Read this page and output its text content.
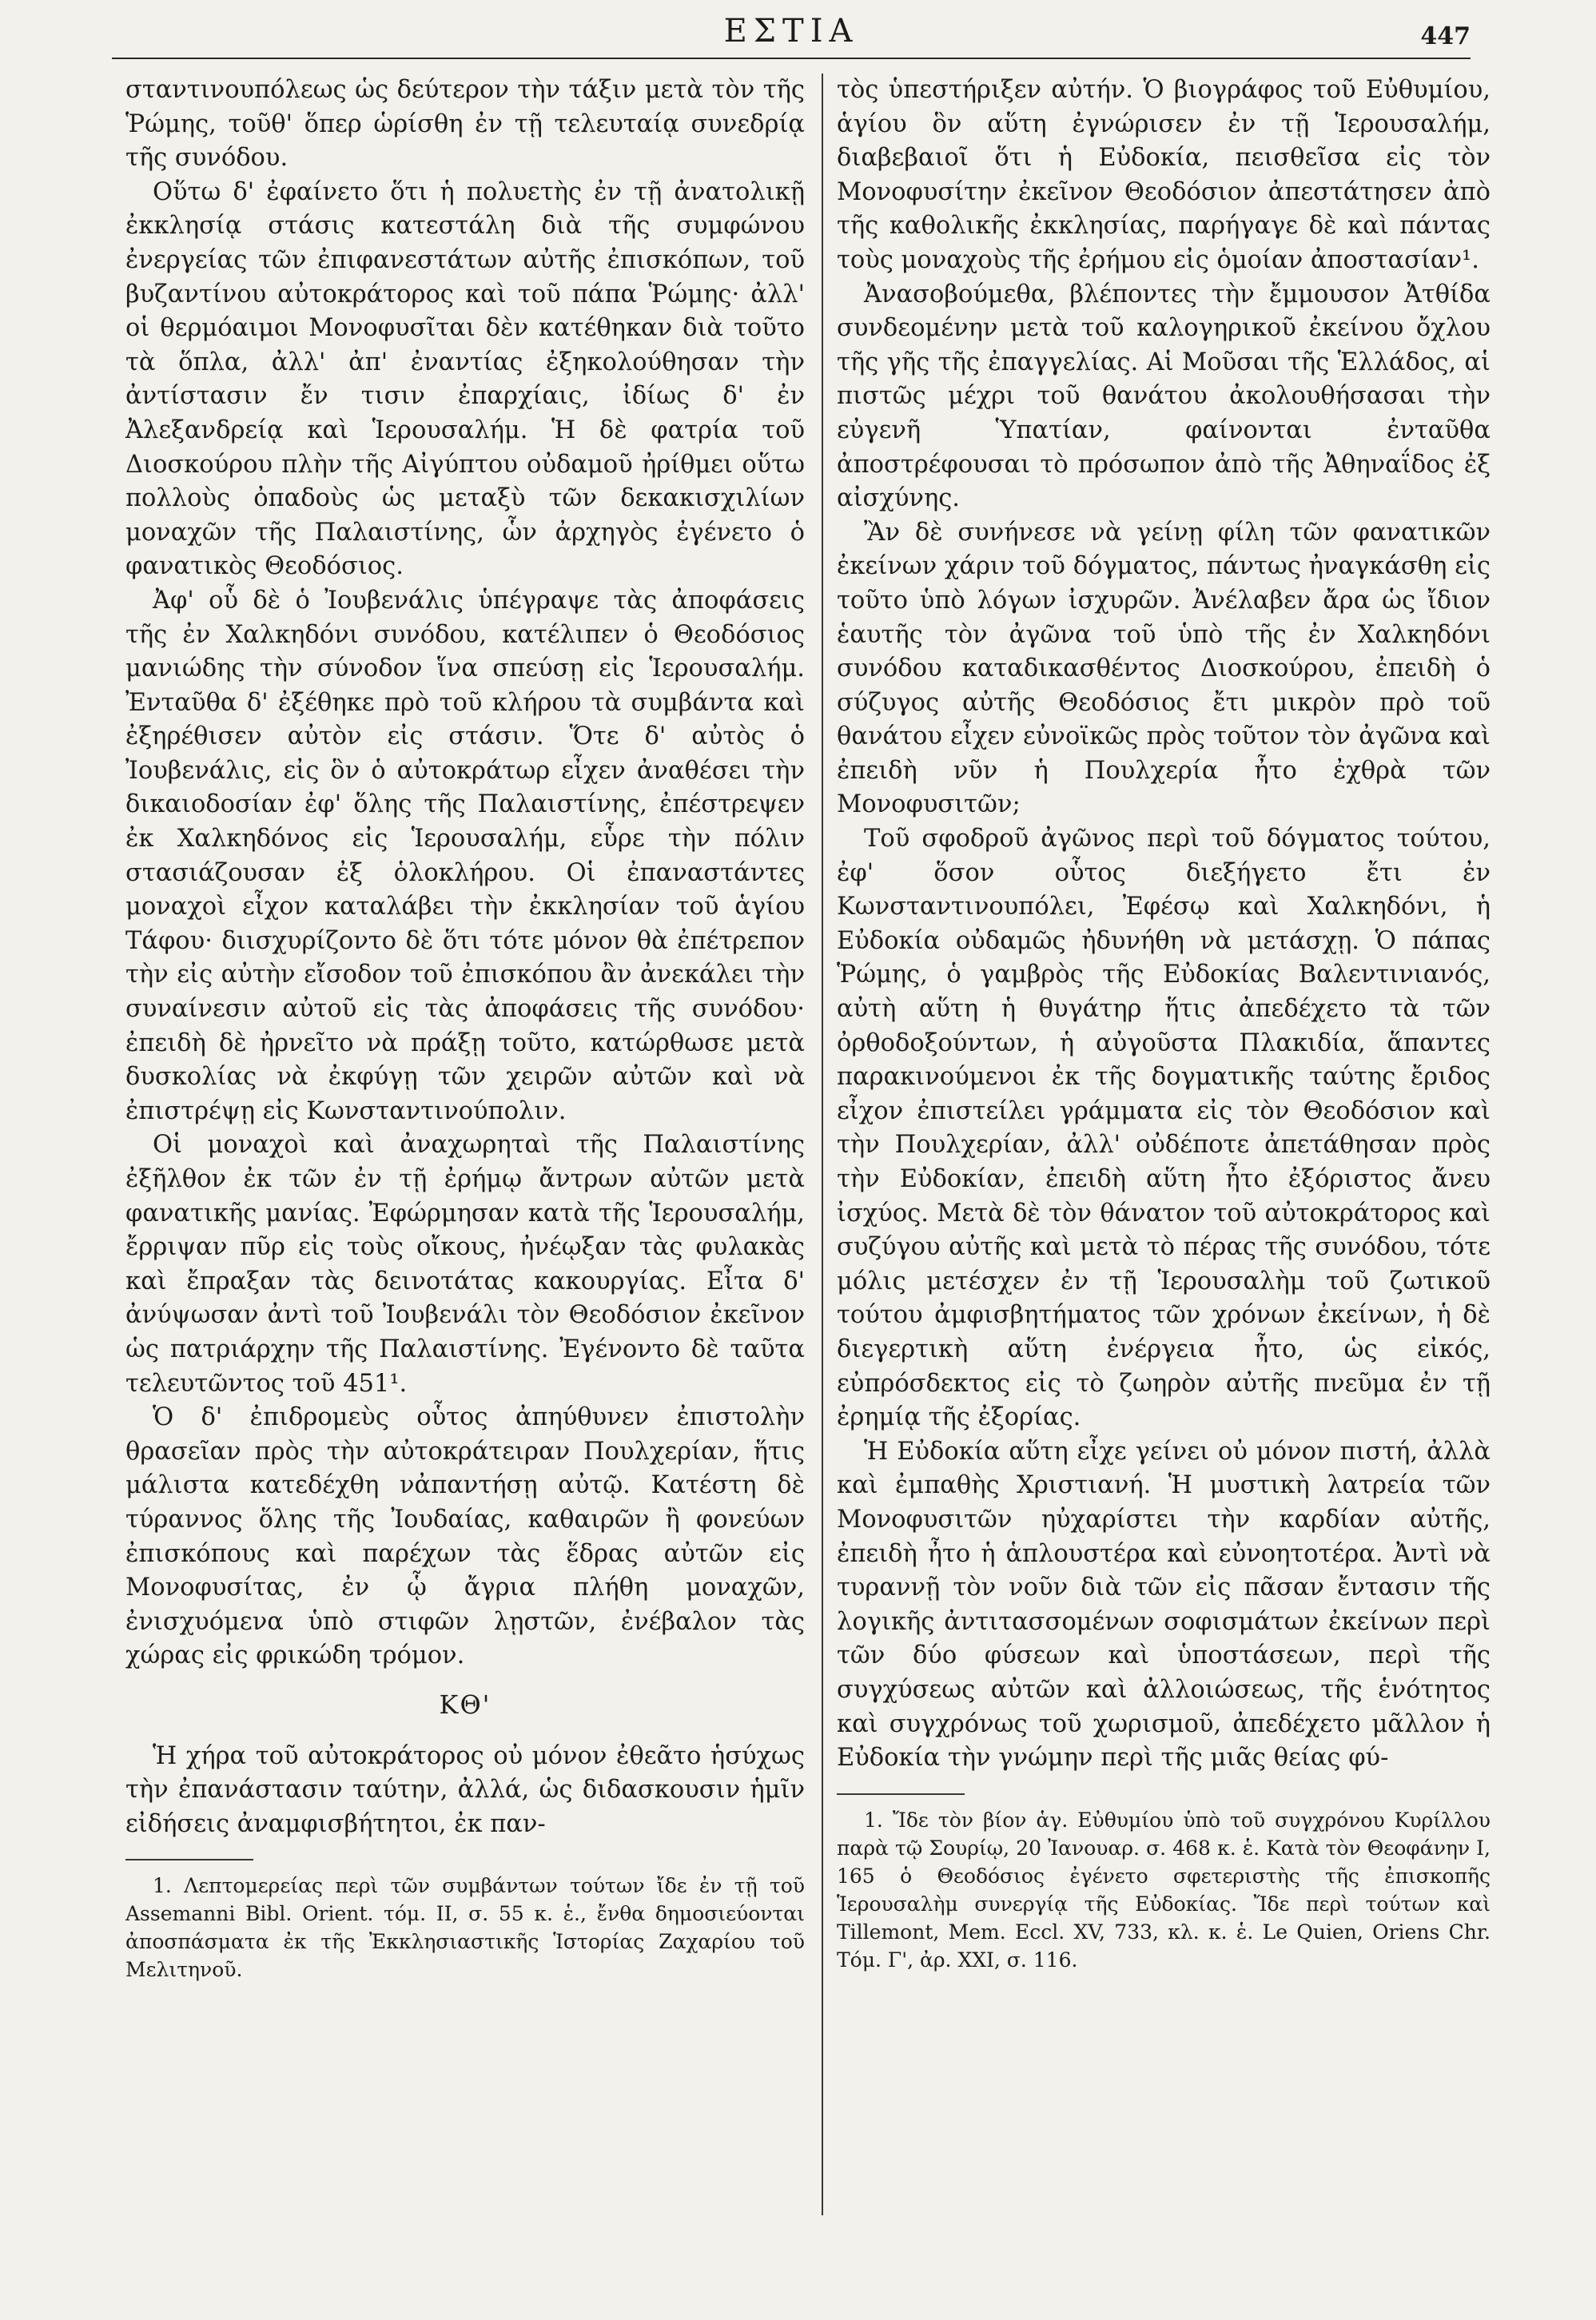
ΕΣΤΙΑ	447

σταντινουπόλεως ὡς δεύτερον τὴν τάξιν μετὰ τὸν τῆς Ῥώμης, τοῦθ' ὅπερ ὡρίσθη ἐν τῇ τελευταίᾳ συνεδρίᾳ τῆς συνόδου.

Οὕτω δ' ἐφαίνετο ὅτι ἡ πολυετὴς ἐν τῇ ἀνατολικῇ ἐκκλησίᾳ στάσις κατεστάλη διὰ τῆς συμφώνου ἐνεργείας τῶν ἐπιφανεστάτων αὐτῆς ἐπισκόπων, τοῦ βυζαντίνου αὐτοκράτορος καὶ τοῦ πάπα Ῥώμης· ἀλλ' οἱ θερμόαιμοι Μονοφυσῖται δὲν κατέθηκαν διὰ τοῦτο τὰ ὅπλα, ἀλλ' ἀπ' ἐναντίας ἐξηκολούθησαν τὴν ἀντίστασιν ἔν τισιν ἐπαρχίαις, ἰδίως δ' ἐν Ἀλεξανδρείᾳ καὶ Ἱερουσαλήμ. Ἡ δὲ φατρία τοῦ Διοσκούρου πλὴν τῆς Αἰγύπτου οὐδαμοῦ ἠρίθμει οὕτω πολλοὺς ὀπαδοὺς ὡς μεταξὺ τῶν δεκακισχιλίων μοναχῶν τῆς Παλαιστίνης, ὧν ἀρχηγὸς ἐγένετο ὁ φανατικὸς Θεοδόσιος.

Ἀφ' οὗ δὲ ὁ Ἰουβενάλις ὑπέγραψε τὰς ἀποφάσεις τῆς ἐν Χαλκηδόνι συνόδου, κατέλιπεν ὁ Θεοδόσιος μανιώδης τὴν σύνοδον ἵνα σπεύσῃ εἰς Ἱερουσαλήμ. Ἐνταῦθα δ' ἐξέθηκε πρὸ τοῦ κλήρου τὰ συμβάντα καὶ ἐξηρέθισεν αὐτὸν εἰς στάσιν. Ὅτε δ' αὐτὸς ὁ Ἰουβενάλις, εἰς ὃν ὁ αὐτοκράτωρ εἶχεν ἀναθέσει τὴν δικαιοδοσίαν ἐφ' ὅλης τῆς Παλαιστίνης, ἐπέστρεψεν ἐκ Χαλκηδόνος εἰς Ἱερουσαλήμ, εὗρε τὴν πόλιν στασιάζουσαν ἐξ ὁλοκλήρου. Οἱ ἐπαναστάντες μοναχοὶ εἶχον καταλάβει τὴν ἐκκλησίαν τοῦ ἁγίου Τάφου· διισχυρίζοντο δὲ ὅτι τότε μόνον θὰ ἐπέτρεπον τὴν εἰς αὐτὴν εἴσοδον τοῦ ἐπισκόπου ἂν ἀνεκάλει τὴν συναίνεσιν αὐτοῦ εἰς τὰς ἀποφάσεις τῆς συνόδου· ἐπειδὴ δὲ ἠρνεῖτο νὰ πράξῃ τοῦτο, κατώρθωσε μετὰ δυσκολίας νὰ ἐκφύγῃ τῶν χειρῶν αὐτῶν καὶ νὰ ἐπιστρέψῃ εἰς Κωνσταντινούπολιν.

Οἱ μοναχοὶ καὶ ἀναχωρηταὶ τῆς Παλαιστίνης ἐξῆλθον ἐκ τῶν ἐν τῇ ἐρήμῳ ἄντρων αὐτῶν μετὰ φανατικῆς μανίας. Ἐφώρμησαν κατὰ τῆς Ἱερουσαλήμ, ἔρριψαν πῦρ εἰς τοὺς οἴκους, ἠνέῳξαν τὰς φυλακὰς καὶ ἔπραξαν τὰς δεινοτάτας κακουργίας. Εἶτα δ' ἀνύψωσαν ἀντὶ τοῦ Ἰουβενάλι τὸν Θεοδόσιον ἐκεῖνον ὡς πατριάρχην τῆς Παλαιστίνης. Ἐγένοντο δὲ ταῦτα τελευτῶντος τοῦ 451¹.

Ὁ δ' ἐπιδρομεὺς οὗτος ἀπηύθυνεν ἐπιστολὴν θρασεῖαν πρὸς τὴν αὐτοκράτειραν Πουλχερίαν, ἥτις μάλιστα κατεδέχθη νἀπαντήσῃ αὐτῷ. Κατέστη δὲ τύραννος ὅλης τῆς Ἰουδαίας, καθαιρῶν ἢ φονεύων ἐπισκόπους καὶ παρέχων τὰς ἕδρας αὐτῶν εἰς Μονοφυσίτας, ἐν ᾧ ἄγρια πλήθη μοναχῶν, ἐνισχυόμενα ὑπὸ στιφῶν λῃστῶν, ἐνέβαλον τὰς χώρας εἰς φρικώδη τρόμον.

ΚΘ'

Ἡ χήρα τοῦ αὐτοκράτορος οὐ μόνον ἐθεᾶτο ἡσύχως τὴν ἐπανάστασιν ταύτην, ἀλλά, ὡς διδασκουσιν ἡμῖν εἰδήσεις ἀναμφισβήτητοι, ἐκ παν-

1. Λεπτομερείας περὶ τῶν συμβάντων τούτων ἴδε ἐν τῇ τοῦ Assemanni Bibl. Orient. τόμ. II, σ. 55 κ. ἑ., ἔνθα δημοσιεύονται ἀποσπάσματα ἐκ τῆς Ἐκκλησιαστικῆς Ἱστορίας Ζαχαρίου τοῦ Μελιτηνοῦ.

τὸς ὑπεστήριξεν αὐτήν. Ὁ βιογράφος τοῦ Εὐθυμίου, ἁγίου ὃν αὕτη ἐγνώρισεν ἐν τῇ Ἱερουσαλήμ, διαβεβαιοῖ ὅτι ἡ Εὐδοκία, πεισθεῖσα εἰς τὸν Μονοφυσίτην ἐκεῖνον Θεοδόσιον ἀπεστάτησεν ἀπὸ τῆς καθολικῆς ἐκκλησίας, παρήγαγε δὲ καὶ πάντας τοὺς μοναχοὺς τῆς ἐρήμου εἰς ὁμοίαν ἀποστασίαν¹.

Ἀνασοβούμεθα, βλέποντες τὴν ἔμμουσον Ἀτθίδα συνδεομένην μετὰ τοῦ καλογηρικοῦ ἐκείνου ὄχλου τῆς γῆς τῆς ἐπαγγελίας. Αἱ Μοῦσαι τῆς Ἑλλάδος, αἱ πιστῶς μέχρι τοῦ θανάτου ἀκολουθήσασαι τὴν εὐγενῆ Ὑπατίαν, φαίνονται ἐνταῦθα ἀποστρέφουσαι τὸ πρόσωπον ἀπὸ τῆς Ἀθηναΐδος ἐξ αἰσχύνης.

Ἂν δὲ συνήνεσε νὰ γείνῃ φίλη τῶν φανατικῶν ἐκείνων χάριν τοῦ δόγματος, πάντως ἠναγκάσθη εἰς τοῦτο ὑπὸ λόγων ἰσχυρῶν. Ἀνέλαβεν ἄρα ὡς ἴδιον ἑαυτῆς τὸν ἀγῶνα τοῦ ὑπὸ τῆς ἐν Χαλκηδόνι συνόδου καταδικασθέντος Διοσκούρου, ἐπειδὴ ὁ σύζυγος αὐτῆς Θεοδόσιος ἔτι μικρὸν πρὸ τοῦ θανάτου εἶχεν εὐνοϊκῶς πρὸς τοῦτον τὸν ἀγῶνα καὶ ἐπειδὴ νῦν ἡ Πουλχερία ἦτο ἐχθρὰ τῶν Μονοφυσιτῶν;

Τοῦ σφοδροῦ ἀγῶνος περὶ τοῦ δόγματος τούτου, ἐφ' ὅσον οὗτος διεξήγετο ἔτι ἐν Κωνσταντινουπόλει, Ἐφέσῳ καὶ Χαλκηδόνι, ἡ Εὐδοκία οὐδαμῶς ἠδυνήθη νὰ μετάσχῃ. Ὁ πάπας Ῥώμης, ὁ γαμβρὸς τῆς Εὐδοκίας Βαλεντινιανός, αὐτὴ αὕτη ἡ θυγάτηρ ἥτις ἀπεδέχετο τὰ τῶν ὀρθοδοξούντων, ἡ αὐγοῦστα Πλακιδία, ἅπαντες παρακινούμενοι ἐκ τῆς δογματικῆς ταύτης ἔριδος εἶχον ἐπιστείλει γράμματα εἰς τὸν Θεοδόσιον καὶ τὴν Πουλχερίαν, ἀλλ' οὐδέποτε ἀπετάθησαν πρὸς τὴν Εὐδοκίαν, ἐπειδὴ αὕτη ἦτο ἐξόριστος ἄνευ ἰσχύος. Μετὰ δὲ τὸν θάνατον τοῦ αὐτοκράτορος καὶ συζύγου αὐτῆς καὶ μετὰ τὸ πέρας τῆς συνόδου, τότε μόλις μετέσχεν ἐν τῇ Ἱερουσαλὴμ τοῦ ζωτικοῦ τούτου ἀμφισβητήματος τῶν χρόνων ἐκείνων, ἡ δὲ διεγερτικὴ αὕτη ἐνέργεια ἦτο, ὡς εἰκός, εὐπρόσδεκτος εἰς τὸ ζωηρὸν αὐτῆς πνεῦμα ἐν τῇ ἐρημίᾳ τῆς ἐξορίας.

Ἡ Εὐδοκία αὕτη εἶχε γείνει οὐ μόνον πιστή, ἀλλὰ καὶ ἐμπαθὴς Χριστιανή. Ἡ μυστικὴ λατρεία τῶν Μονοφυσιτῶν ηὐχαρίστει τὴν καρδίαν αὐτῆς, ἐπειδὴ ἦτο ἡ ἁπλουστέρα καὶ εὐνοητοτέρα. Ἀντὶ νὰ τυραννῇ τὸν νοῦν διὰ τῶν εἰς πᾶσαν ἔντασιν τῆς λογικῆς ἀντιτασσομένων σοφισμάτων ἐκείνων περὶ τῶν δύο φύσεων καὶ ὑποστάσεων, περὶ τῆς συγχύσεως αὐτῶν καὶ ἀλλοιώσεως, τῆς ἑνότητος καὶ συγχρόνως τοῦ χωρισμοῦ, ἀπεδέχετο μᾶλλον ἡ Εὐδοκία τὴν γνώμην περὶ τῆς μιᾶς θείας φύ-

1. Ἴδε τὸν βίον ἁγ. Εὐθυμίου ὑπὸ τοῦ συγχρόνου Κυρίλλου παρὰ τῷ Σουρίῳ, 20 Ἰανουαρ. σ. 468 κ. ἑ. Κατὰ τὸν Θεοφάνην I, 165 ὁ Θεοδόσιος ἐγένετο σφετεριστὴς τῆς ἐπισκοπῆς Ἱερουσαλὴμ συνεργίᾳ τῆς Εὐδοκίας. Ἴδε περὶ τούτων καὶ Tillemont, Mem. Eccl. XV, 733, κλ. κ. ἑ. Le Quien, Oriens Chr. Τόμ. Γ', ἀρ. XXI, σ. 116.
